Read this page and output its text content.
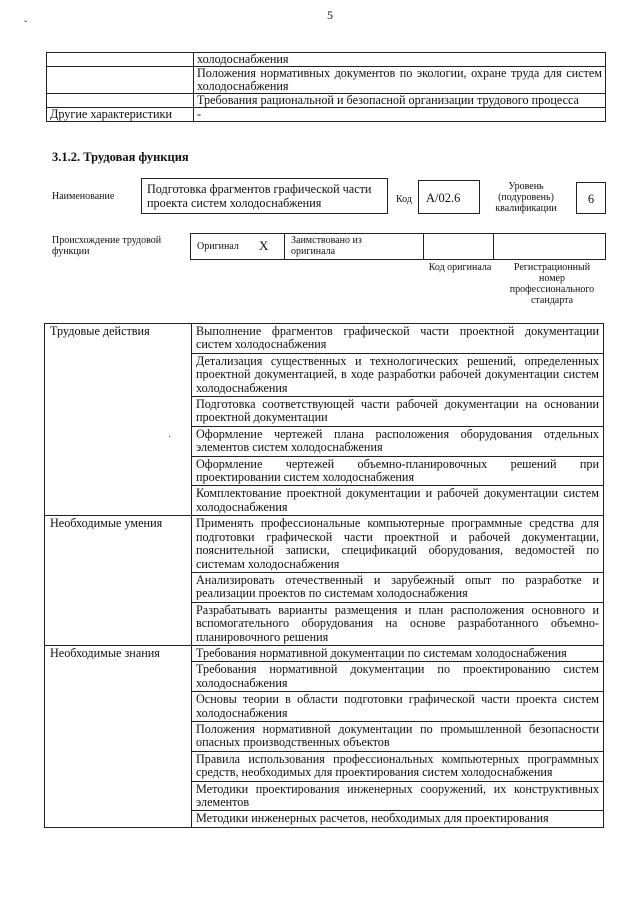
5
	холодоснабжения
	Положения нормативных документов по экологии, охране труда для систем холодоснабжения
	Требования рациональной и безопасной организации трудового процесса
Другие характеристики	-
3.1.2. Трудовая функция
Наименование
Подготовка фрагментов графической части проекта систем холодоснабжения	Код А/02.6
Уровень (подуровень) квалификации
6
Происхождение трудовой функции	Оригинал X Заимствовано из оригинала
Код оригинала	Регистрационный номер профессионального стандарта
Трудовые действия	Выполнение фрагментов графической части проектной документации систем холодоснабжения
	Детализация существенных и технологических решений, определенных проектной документацией, в ходе разработки рабочей документации систем холодоснабжения
	Подготовка соответствующей части рабочей документации на основании проектной документации
	Оформление чертежей плана расположения оборудования отдельных элементов систем холодоснабжения
	Оформление чертежей объемно-планировочных решений при проектировании систем холодоснабжения
	Комплектование проектной документации и рабочей документации систем холодоснабжения
Необходимые умения	Применять профессиональные компьютерные программные средства для подготовки графической части проектной и рабочей документации, пояснительной записки, спецификаций оборудования, ведомостей по системам холодоснабжения
	Анализировать отечественный и зарубежный опыт по разработке и реализации проектов по системам холодоснабжения
	Разрабатывать варианты размещения и план расположения основного и вспомогательного оборудования на основе разработанного объемно-планировочного решения
Необходимые знания	Требования нормативной документации по системам холодоснабжения
	Требования нормативной документации по проектированию систем холодоснабжения
	Основы теории в области подготовки графической части проекта систем холодоснабжения
	Положения нормативной документации по промышленной безопасности опасных производственных объектов
	Правила использования профессиональных компьютерных программных средств, необходимых для проектирования систем холодоснабжения
	Методики проектирования инженерных сооружений, их конструктивных элементов
	Методики инженерных расчетов, необходимых для проектирования
ˇ
·
